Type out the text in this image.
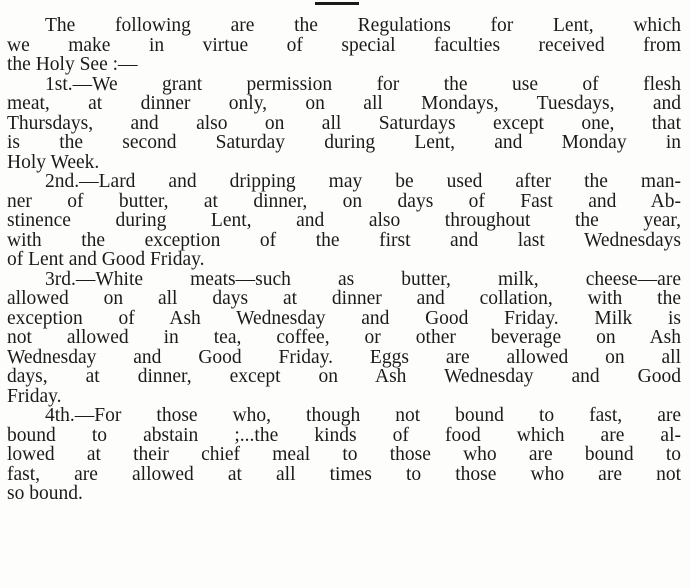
The following are the Regulations for Lent, which
we make in virtue of special faculties received from
the Holy See :—
1st.—We grant permission for the use of flesh
meat, at dinner only, on all Mondays, Tuesdays, and
Thursdays, and also on all Saturdays except one, that
is the second Saturday during Lent, and Monday in
Holy Week.
2nd.—Lard and dripping may be used after the man-
ner of butter, at dinner, on days of Fast and Ab-
stinence during Lent, and also throughout the year,
with the exception of the first and last Wednesdays
of Lent and Good Friday.
3rd.—White meats—such as butter, milk, cheese—are
allowed on all days at dinner and collation, with the
exception of Ash Wednesday and Good Friday. Milk is
not allowed in tea, coffee, or other beverage on Ash
Wednesday and Good Friday. Eggs are allowed on all
days, at dinner, except on Ash Wednesday and Good
Friday.
4th.—For those who, though not bound to fast, are
bound to abstain ;...the kinds of food which are al-
lowed at their chief meal to those who are bound to
fast, are allowed at all times to those who are not
so bound.
